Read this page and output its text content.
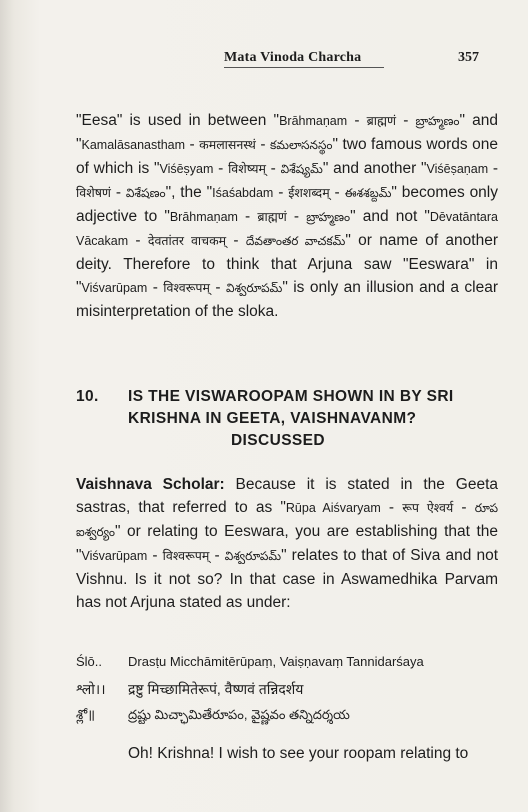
Mata Vinoda Charcha	357

"Eesa" is used in between "Brāhmaṇam - ब्राह्मणं - బ్రాహ్మణం" and "Kamalāsanastham - कमलासनस्थं - కమలాసనస్థం" two famous words one of which is "Viśēṣyam - विशेष्यम् - విశేష్యమ్" and another "Viśēṣaṇam - विशेषणं - విశేషణం", the "Iśaśabdam - ईशशब्दम् - ఈశశబ్దమ్" becomes only adjective to "Brāhmaṇam - ब्राह्मणं - బ్రాహ్మణం" and not "Dēvatāntara Vācakam - देवतांतर वाचकम् - దేవతాంతర వాచకమ్" or name of another deity. Therefore to think that Arjuna saw "Eeswara" in "Viśvarūpam - विश्वरूपम् - విశ్వరూపమ్" is only an illusion and a clear misinterpretation of the sloka.

10. IS THE VISWAROOPAM SHOWN IN BY SRI
KRISHNA IN GEETA, VAISHNAVANM?
DISCUSSED
Vaishnava Scholar: Because it is stated in the Geeta sastras, that referred to as "Rūpa Aiśvaryam - रूप ऐश्वर्य - రూప ఐశ్వర్యం" or relating to Eeswara, you are establishing that the "Viśvarūpam - विश्वरूपम् - విశ్వరూపమ్" relates to that of Siva and not Vishnu. Is it not so? In that case in Aswamedhika Parvam has not Arjuna stated as under:
Ślō.. Drasṭu Micchāmitērūpaṃ, Vaiṣṇavaṃ Tannidarśaya
श्लो।। द्रष्टु मिच्छामितेरूपं, वैष्णवं तन्निदर्शय
శ్లో॥	ద్రష్టు మిచ్ఛామితేరూపం, వైష్ణవం తన్నిదర్శయ
Oh! Krishna! I wish to see your roopam relating to
